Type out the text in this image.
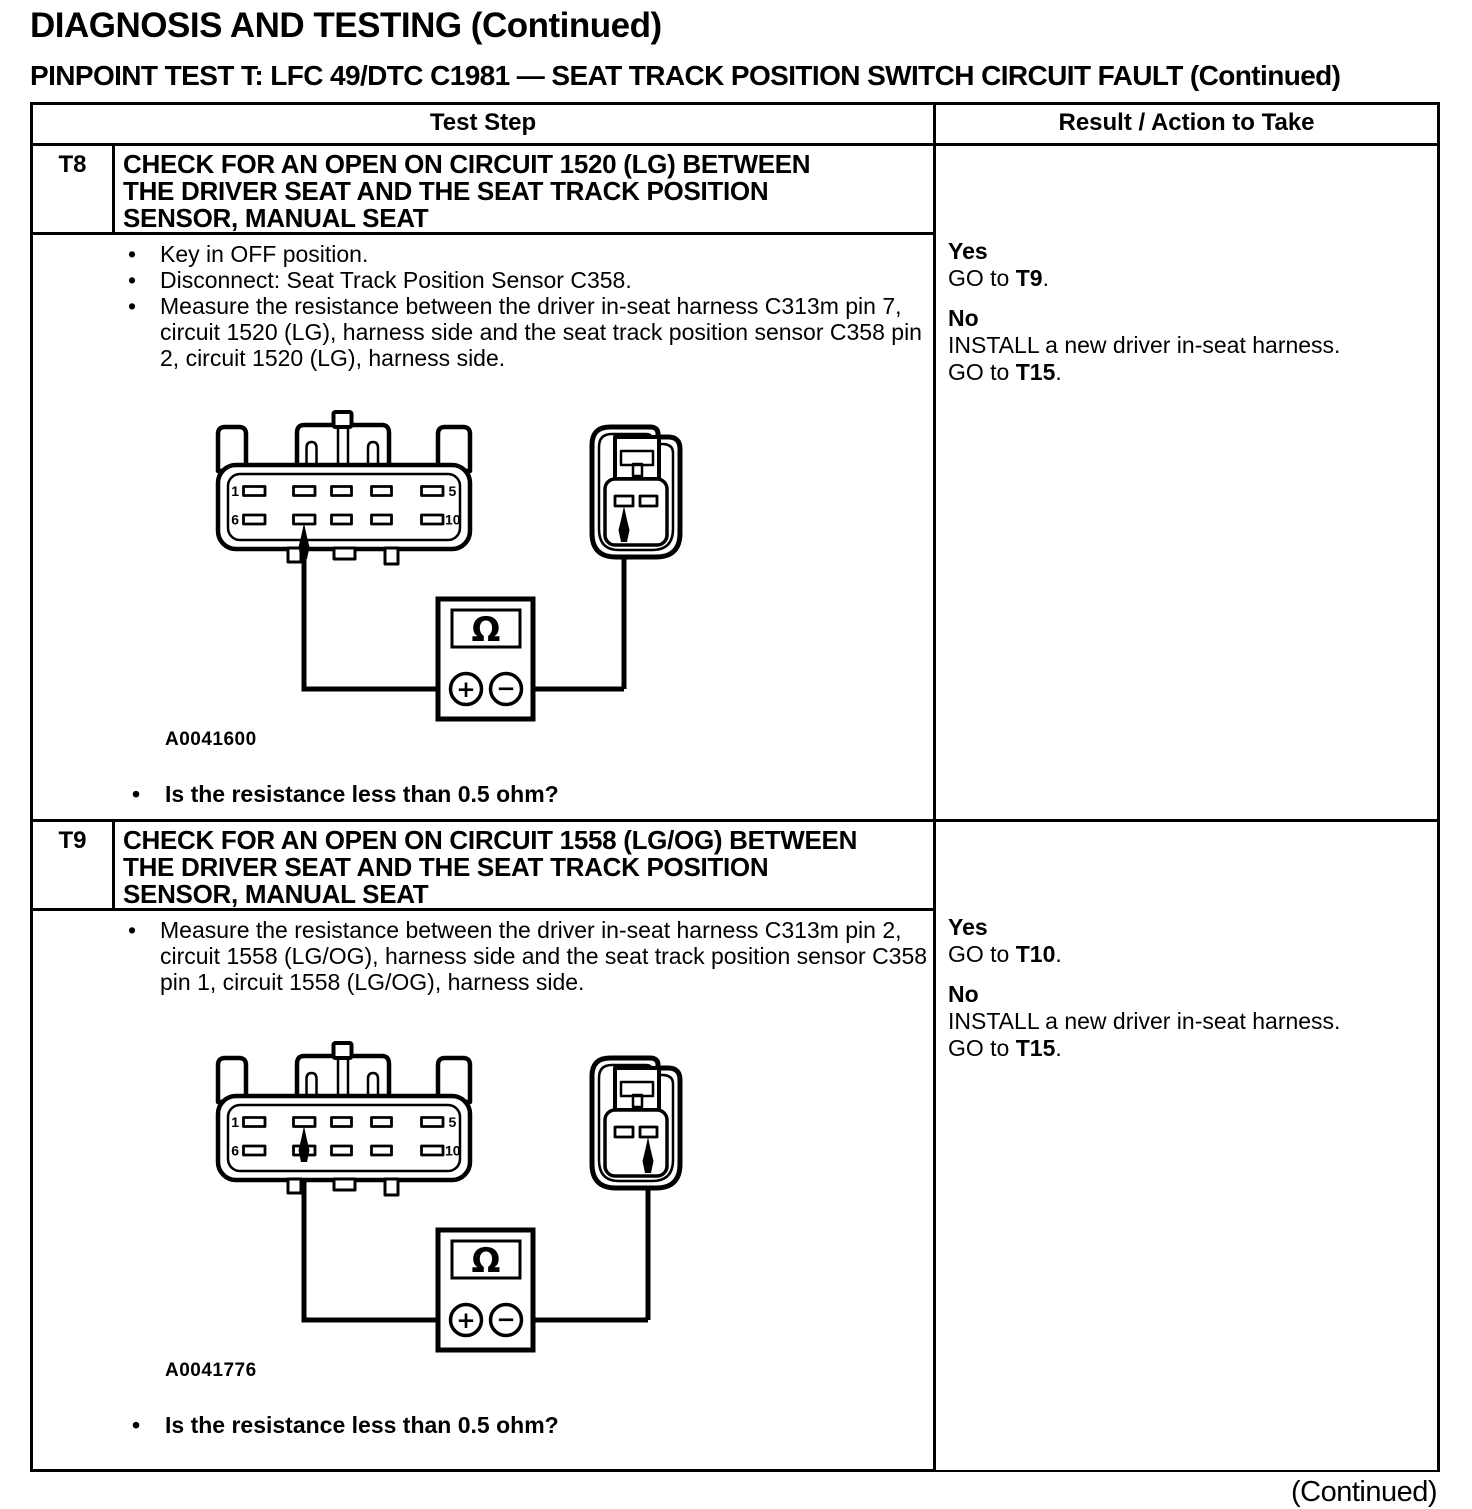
DIAGNOSIS AND TESTING (Continued)
PINPOINT TEST T: LFC 49/DTC C1981 — SEAT TRACK POSITION SWITCH CIRCUIT FAULT (Continued)
Test Step		Result / Action to Take
T8	CHECK FOR AN OPEN ON CIRCUIT 1520 (LG) BETWEEN THE DRIVER SEAT AND THE SEAT TRACK POSITION SENSOR, MANUAL SEAT	Yes
GO to T9.
No
INSTALL a new driver in-seat harness.
GO to T15.

• Key in OFF position.
• Disconnect: Seat Track Position Sensor C358.
• Measure the resistance between the driver in-seat harness C313m pin 7, circuit 1520 (LG), harness side and the seat track position sensor C358 pin 2, circuit 1520 (LG), harness side.
1	5
6	10
Ω
+ −
A0041600
• Is the resistance less than 0.5 ohm?

T9	CHECK FOR AN OPEN ON CIRCUIT 1558 (LG/OG) BETWEEN THE DRIVER SEAT AND THE SEAT TRACK POSITION SENSOR, MANUAL SEAT	Yes
GO to T10.
No
INSTALL a new driver in-seat harness.
GO to T15.

• Measure the resistance between the driver in-seat harness C313m pin 2, circuit 1558 (LG/OG), harness side and the seat track position sensor C358 pin 1, circuit 1558 (LG/OG), harness side.
1	5
6	10
Ω
+ −
A0041776
• Is the resistance less than 0.5 ohm?
(Continued)
